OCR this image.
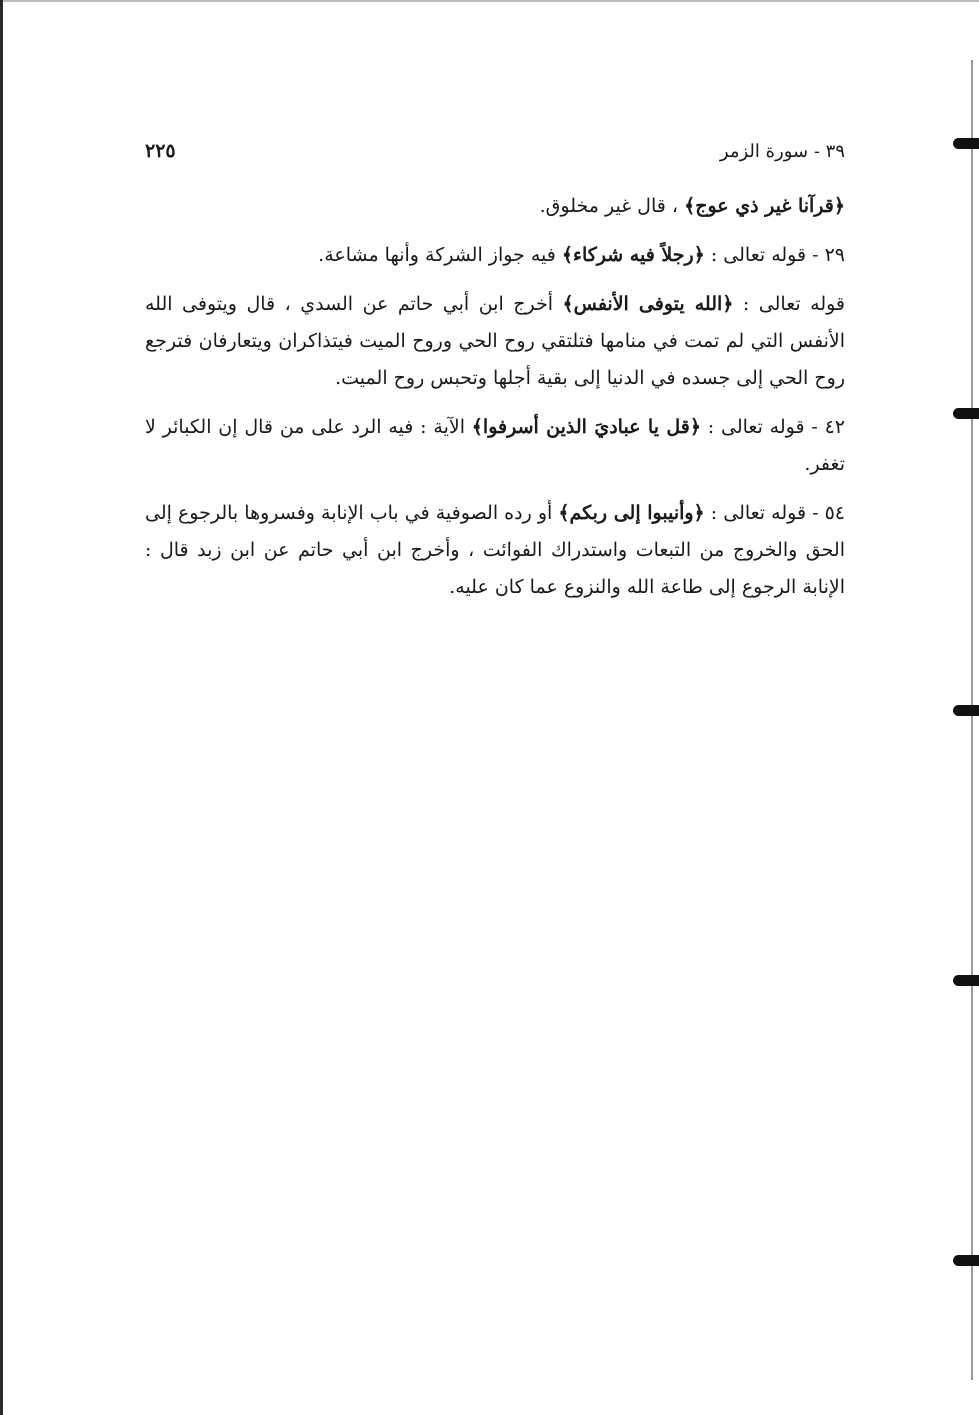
٣٩ - سورة الزمر
٢٢٥

﴿قرآنا غير ذي عوج﴾ ، قال غير مخلوق.

٢٩ - قوله تعالى : ﴿رجلاً فيه شركاء﴾ فيه جواز الشركة وأنها مشاعة.

قوله تعالى : ﴿الله يتوفى الأنفس﴾ أخرج ابن أبي حاتم عن السدي ، قال ويتوفى الله الأنفس التي لم تمت في منامها فتلتقي روح الحي وروح الميت فيتذاكران ويتعارفان فترجع روح الحي إلى جسده في الدنيا إلى بقية أجلها وتحبس روح الميت.

٤٢ - قوله تعالى : ﴿قل يا عباديَ الذين أسرفوا﴾ الآية : فيه الرد على من قال إن الكبائر لا تغفر.

٥٤ - قوله تعالى : ﴿وأنيبوا إلى ربكم﴾ أو رده الصوفية في باب الإنابة وفسروها بالرجوع إلى الحق والخروج من التبعات واستدراك الفوائت ، وأخرج ابن أبي حاتم عن ابن زبد قال : الإنابة الرجوع إلى طاعة الله والنزوع عما كان عليه.
